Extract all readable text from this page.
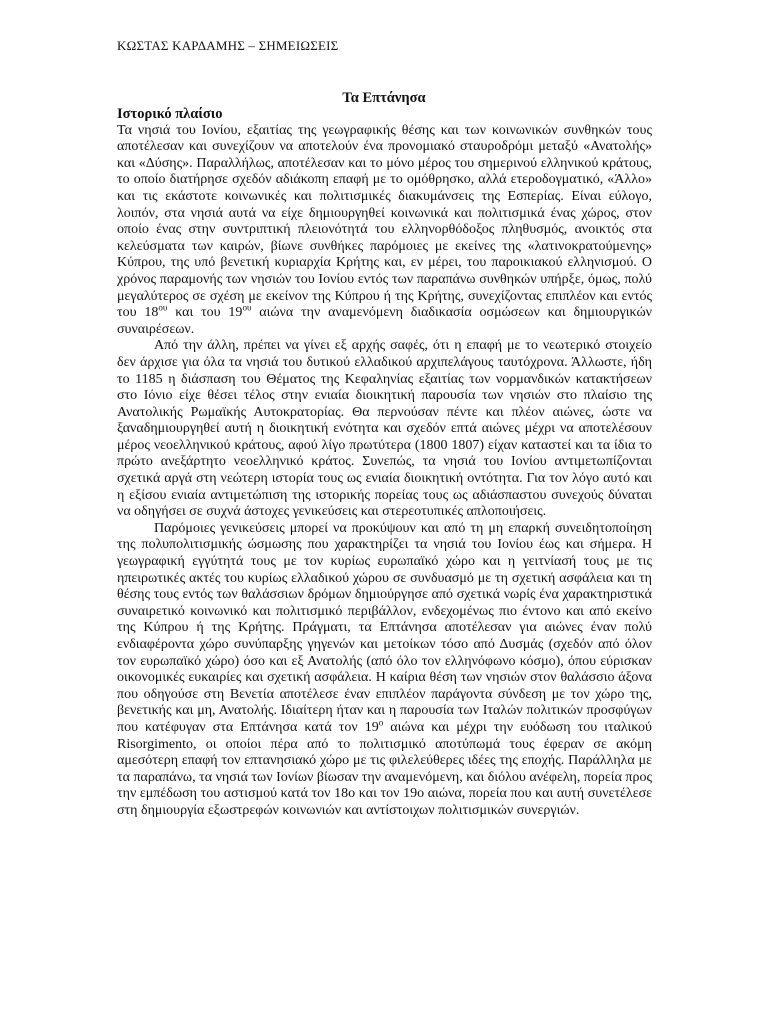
ΚΩΣΤΑΣ ΚΑΡΔΑΜΗΣ – ΣΗΜΕΙΩΣΕΙΣ
Τα Επτάνησα
Ιστορικό πλαίσιο

Τα νησιά του Ιονίου, εξαιτίας της γεωγραφικής θέσης και των κοινωνικών συνθηκών τους αποτέλεσαν και συνεχίζουν να αποτελούν ένα προνομιακό σταυροδρόμι μεταξύ «Ανατολής» και «Δύσης». Παραλλήλως, αποτέλεσαν και το μόνο μέρος του σημερινού ελληνικού κράτους, το οποίο διατήρησε σχεδόν αδιάκοπη επαφή με το ομόθρησκο, αλλά ετεροδογματικό, «Άλλο» και τις εκάστοτε κοινωνικές και πολιτισμικές διακυμάνσεις της Εσπερίας. Είναι εύλογο, λοιπόν, στα νησιά αυτά να είχε δημιουργηθεί κοινωνικά και πολιτισμικά ένας χώρος, στον οποίο ένας στην συντριπτική πλειονότητά του ελληνορθόδοξος πληθυσμός, ανοικτός στα κελεύσματα των καιρών, βίωνε συνθήκες παρόμοιες με εκείνες της «λατινοκρατούμενης» Κύπρου, της υπό βενετική κυριαρχία Κρήτης και, εν μέρει, του παροικιακού ελληνισμού. Ο χρόνος παραμονής των νησιών του Ιονίου εντός των παραπάνω συνθηκών υπήρξε, όμως, πολύ μεγαλύτερος σε σχέση με εκείνον της Κύπρου ή της Κρήτης, συνεχίζοντας επιπλέον και εντός του $18^{o\upsilon}$ και του $19^{o\upsilon}$ αιώνα την αναμενόμενη διαδικασία οσμώσεων και δημιουργικών συναιρέσεων.

Από την άλλη, πρέπει να γίνει εξ αρχής σαφές, ότι η επαφή με το νεωτερικό στοιχείο δεν άρχισε για όλα τα νησιά του δυτικού ελλαδικού αρχιπελάγους ταυτόχρονα. Άλλωστε, ήδη το 1185 η διάσπαση του Θέματος της Κεφαληνίας εξαιτίας των νορμανδικών κατακτήσεων στο Ιόνιο είχε θέσει τέλος στην ενιαία διοικητική παρουσία των νησιών στο πλαίσιο της Ανατολικής Ρωμαϊκής Αυτοκρατορίας. Θα περνούσαν πέντε και πλέον αιώνες, ώστε να ξαναδημιουργηθεί αυτή η διοικητική ενότητα και σχεδόν επτά αιώνες μέχρι να αποτελέσουν μέρος νεοελληνικού κράτους, αφού λίγο πρωτύτερα (1800 1807) είχαν καταστεί και τα ίδια το πρώτο ανεξάρτητο νεοελληνικό κράτος. Συνεπώς, τα νησιά του Ιονίου αντιμετωπίζονται σχετικά αργά στη νεώτερη ιστορία τους ως ενιαία διοικητική οντότητα. Για τον λόγο αυτό και η εξίσου ενιαία αντιμετώπιση της ιστορικής πορείας τους ως αδιάσπαστου συνεχούς δύναται να οδηγήσει σε συχνά άστοχες γενικεύσεις και στερεοτυπικές απλοποιήσεις.

Παρόμοιες γενικεύσεις μπορεί να προκύψουν και από τη μη επαρκή συνειδητοποίηση της πολυπολιτισμικής ώσμωσης που χαρακτηρίζει τα νησιά του Ιονίου έως και σήμερα. Η γεωγραφική εγγύτητά τους με τον κυρίως ευρωπαϊκό χώρο και η γειτνίασή τους με τις ηπειρωτικές ακτές του κυρίως ελλαδικού χώρου σε συνδυασμό με τη σχετική ασφάλεια και τη θέσης τους εντός των θαλάσσιων δρόμων δημιούργησε από σχετικά νωρίς ένα χαρακτηριστικά συναιρετικό κοινωνικό και πολιτισμικό περιβάλλον, ενδεχομένως πιο έντονο και από εκείνο της Κύπρου ή της Κρήτης. Πράγματι, τα Επτάνησα αποτέλεσαν για αιώνες έναν πολύ ενδιαφέροντα χώρο συνύπαρξης γηγενών και μετοίκων τόσο από Δυσμάς (σχεδόν από όλον τον ευρωπαϊκό χώρο) όσο και εξ Ανατολής (από όλο τον ελληνόφωνο κόσμο), όπου εύρισκαν οικονομικές ευκαιρίες και σχετική ασφάλεια. Η καίρια θέση των νησιών στον θαλάσσιο άξονα που οδηγούσε στη Βενετία αποτέλεσε έναν επιπλέον παράγοντα σύνδεση με τον χώρο της, βενετικής και μη, Ανατολής. Ιδιαίτερη ήταν και η παρουσία των Ιταλών πολιτικών προσφύγων που κατέφυγαν στα Επτάνησα κατά τον $19^o$ αιώνα και μέχρι την ευόδωση του ιταλικού Risorgimento, οι οποίοι πέρα από το πολιτισμικό αποτύπωμά τους έφεραν σε ακόμη αμεσότερη επαφή τον επτανησιακό χώρο με τις φιλελεύθερες ιδέες της εποχής. Παράλληλα με τα παραπάνω, τα νησιά των Ιονίων βίωσαν την αναμενόμενη, και διόλου ανέφελη, πορεία προς την εμπέδωση του αστισμού κατά τον 18ο και τον 19ο αιώνα, πορεία που και αυτή συνετέλεσε στη δημιουργία εξωστρεφών κοινωνιών και αντίστοιχων πολιτισμικών συνεργιών.
